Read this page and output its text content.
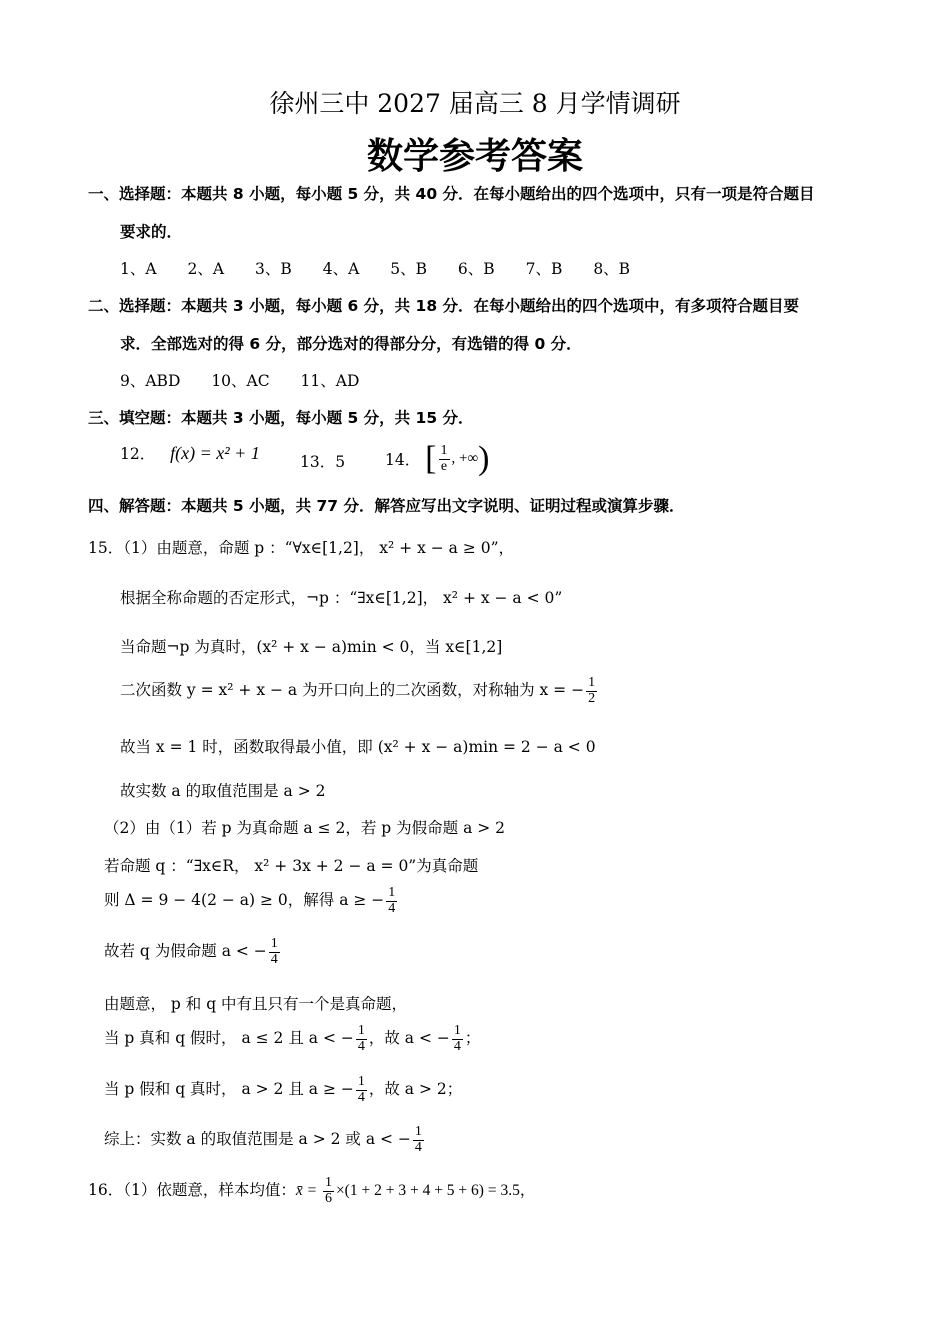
徐州三中 2027 届高三 8 月学情调研
数学参考答案
一、选择题：本题共 8 小题，每小题 5 分，共 40 分．在每小题给出的四个选项中，只有一项是符合题目
要求的．
1、A 2、A 3、B 4、A 5、B 6、B 7、B 8、B
二、选择题：本题共 3 小题，每小题 6 分，共 18 分．在每小题给出的四个选项中，有多项符合题目要
求．全部选对的得 6 分，部分选对的得部分分，有选错的得 0 分．
9、ABD 10、AC 11、AD
三、填空题：本题共 3 小题，每小题 5 分，共 15 分．
12． f(x) = x² + 1	13．5	14． [ $\frac{1}{e}$ , +∞)
四、解答题：本题共 5 小题，共 77 分．解答应写出文字说明、证明过程或演算步骤．
15．（1）由题意，命题 p ：“∀x∈[1,2]， x² + x − a ≥ 0”，
根据全称命题的否定形式，¬p ：“∃x∈[1,2]， x² + x − a < 0”
当命题¬p 为真时，(x² + x − a)min < 0，当 x∈[1,2]
二次函数 y = x² + x − a 为开口向上的二次函数，对称轴为 x = − $\frac{1}{2}$
故当 x = 1 时，函数取得最小值，即 (x² + x − a)min = 2 − a < 0
故实数 a 的取值范围是 a > 2
（2）由（1）若 p 为真命题 a ≤ 2，若 p 为假命题 a > 2
若命题 q ：“∃x∈R， x² + 3x + 2 − a = 0”为真命题
则 Δ = 9 − 4(2 − a) ≥ 0，解得 a ≥ − $\frac{1}{4}$
故若 q 为假命题 a < − $\frac{1}{4}$
由题意， p 和 q 中有且只有一个是真命题，
当 p 真和 q 假时， a ≤ 2 且 a < − $\frac{1}{4}$ ，故 a < − $\frac{1}{4}$ ；
当 p 假和 q 真时， a > 2 且 a ≥ − $\frac{1}{4}$ ，故 a > 2；
综上：实数 a 的取值范围是 a > 2 或 a < − $\frac{1}{4}$
16．（1）依题意，样本均值：x̄ = $\frac{1}{6} \times(1 + 2 + 3 + 4 + 5 + 6) = 3.5$，
